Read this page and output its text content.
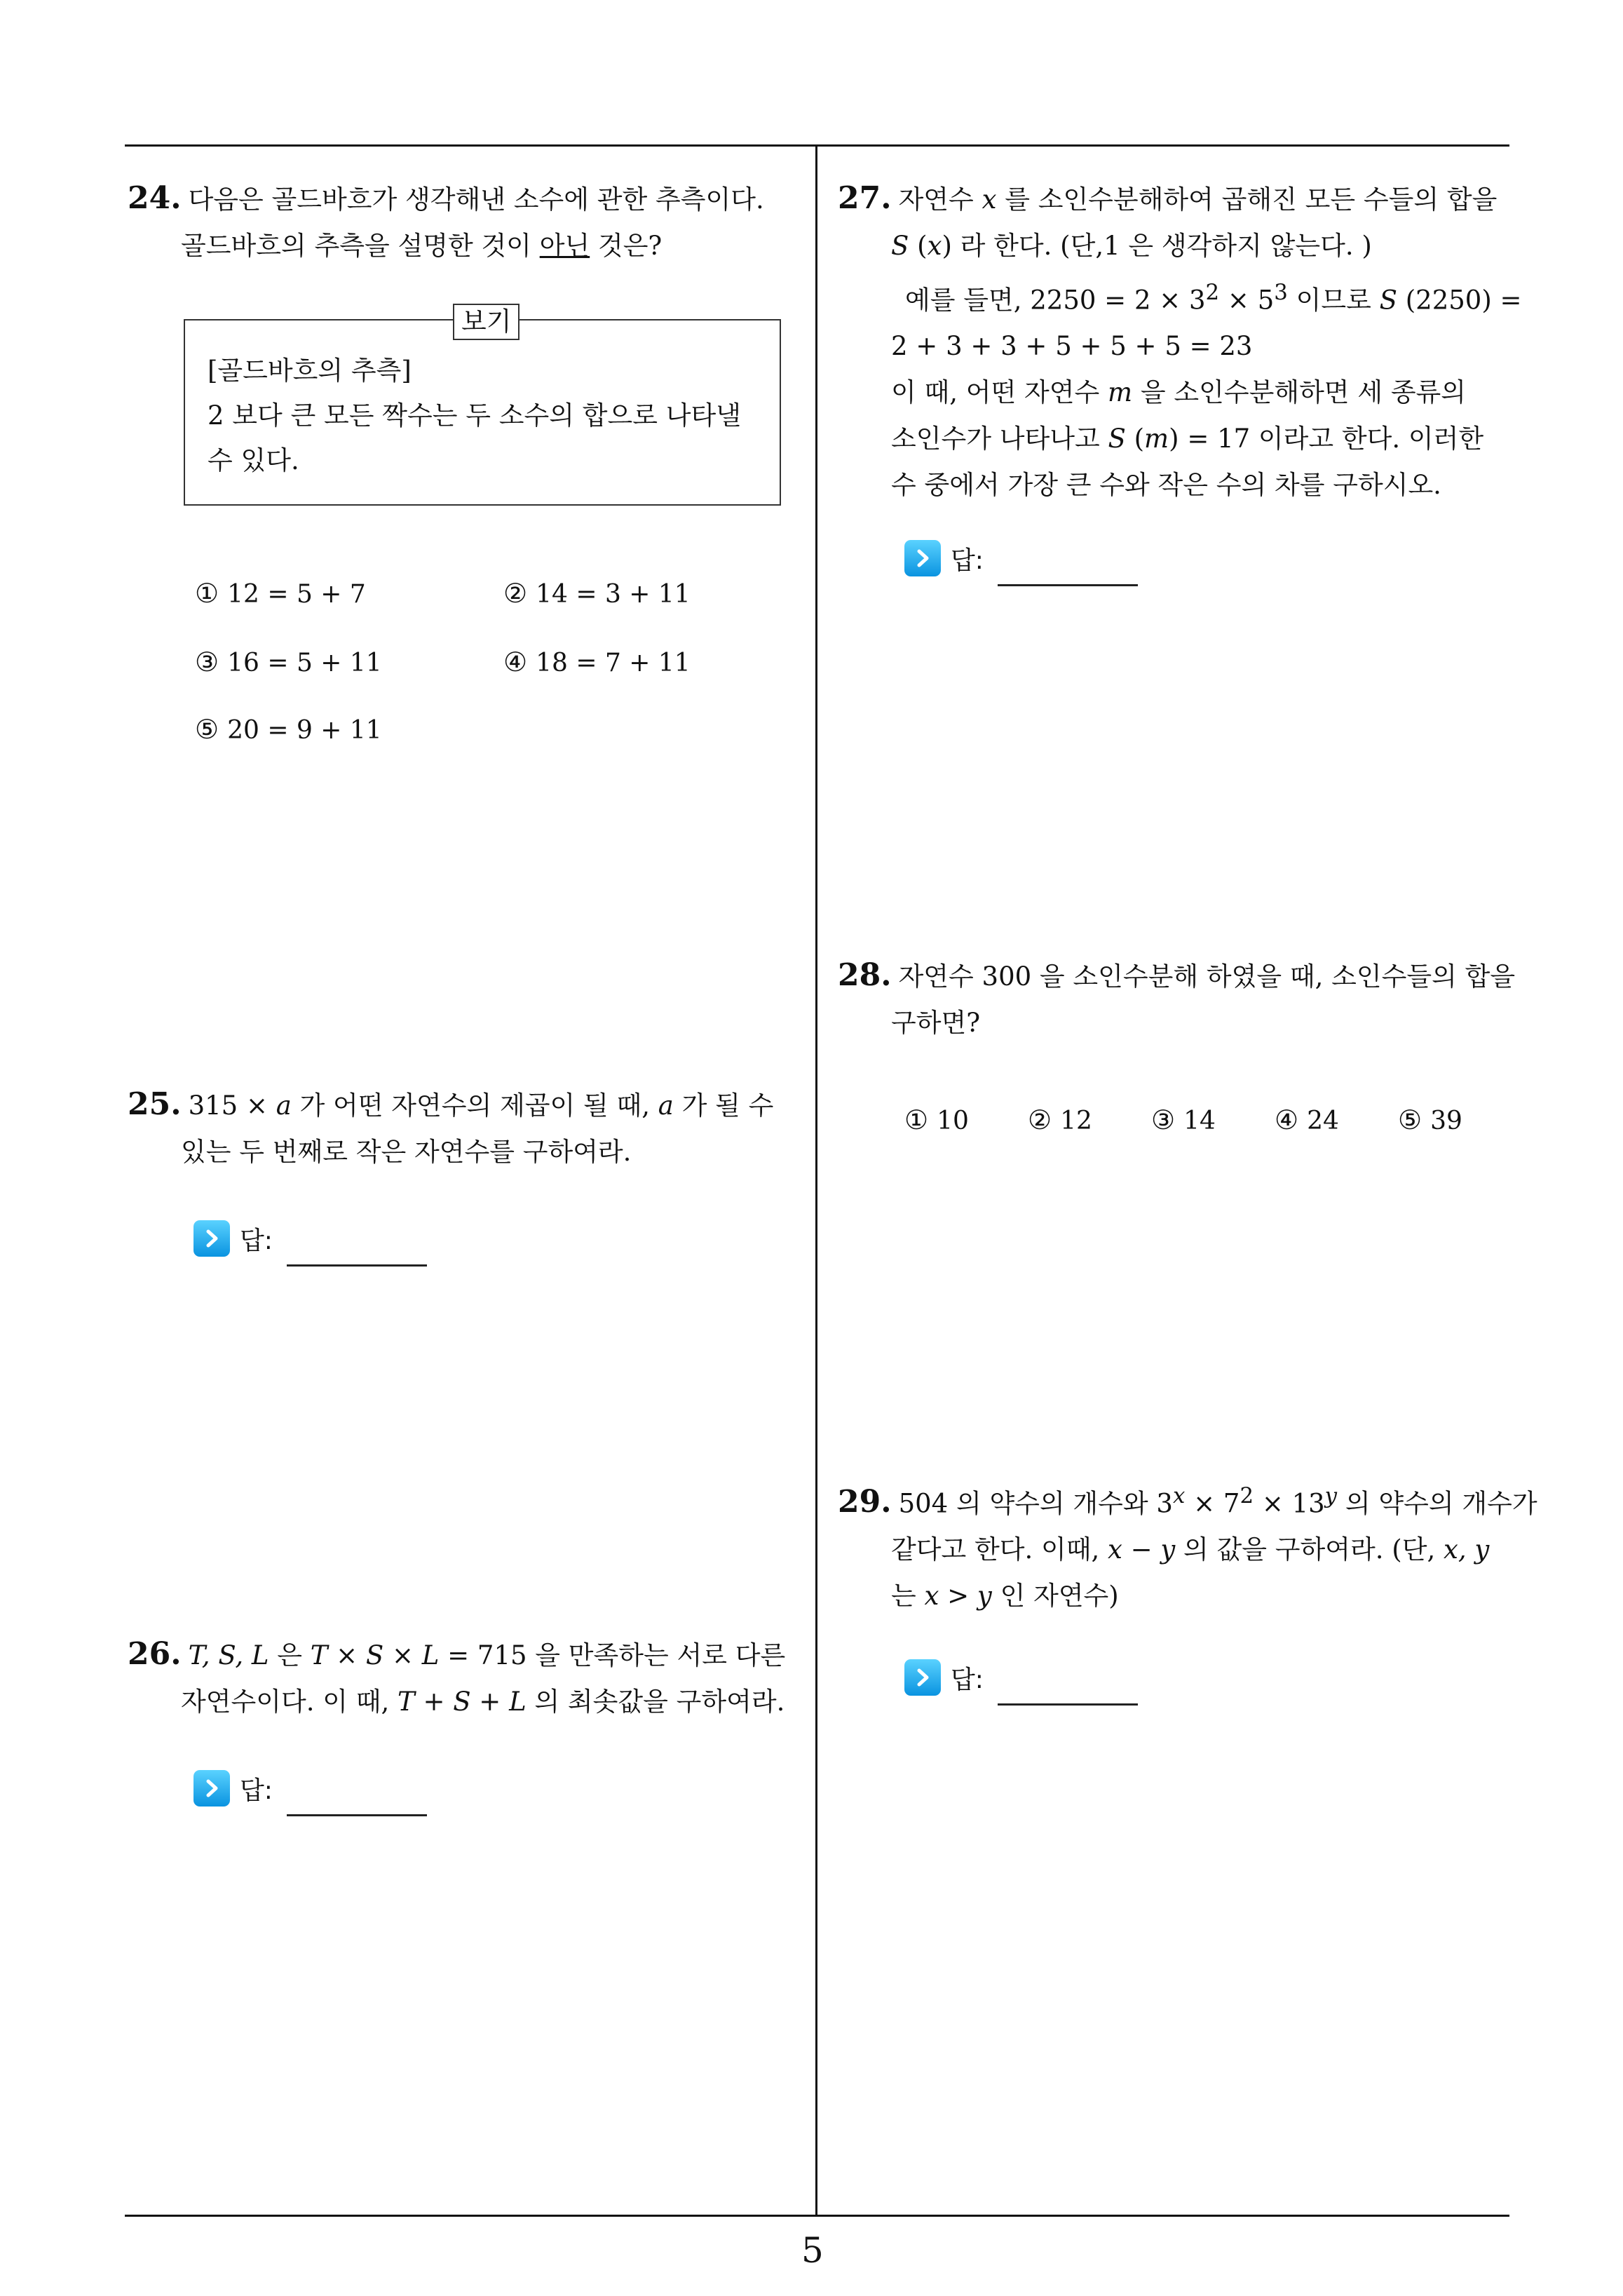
24. 다음은 골드바흐가 생각해낸 소수에 관한 추측이다.
골드바흐의 추측을 설명한 것이 아닌 것은?
보기
[골드바흐의 추측]
2 보다 큰 모든 짝수는 두 소수의 합으로 나타낼
수 있다.
① 12 = 5 + 7	② 14 = 3 + 11
③ 16 = 5 + 11	④ 18 = 7 + 11
⑤ 20 = 9 + 11
25. 315 × a 가 어떤 자연수의 제곱이 될 때, a 가 될 수
있는 두 번째로 작은 자연수를 구하여라.
답:
26. T, S, L 은 T × S × L = 715 을 만족하는 서로 다른
자연수이다. 이 때, T + S + L 의 최솟값을 구하여라.
답:
27. 자연수 x 를 소인수분해하여 곱해진 모든 수들의 합을
S (x) 라 한다. (단,1 은 생각하지 않는다. )
예를 들면, $2250 = 2 \times 3^2 \times 5^3$ 이므로 S (2250) =
2 + 3 + 3 + 5 + 5 + 5 = 23
이 때, 어떤 자연수 m 을 소인수분해하면 세 종류의
소인수가 나타나고 S (m) = 17 이라고 한다. 이러한
수 중에서 가장 큰 수와 작은 수의 차를 구하시오.
답:
28. 자연수 300 을 소인수분해 하였을 때, 소인수들의 합을
구하면?
① 10 ② 12 ③ 14 ④ 24 ⑤ 39
29. 504 의 약수의 개수와 $3^x \times 7^2 \times 13^y$ 의 약수의 개수가
같다고 한다. 이때, x − y 의 값을 구하여라. (단, x, y
는 x > y 인 자연수)
답:
5
